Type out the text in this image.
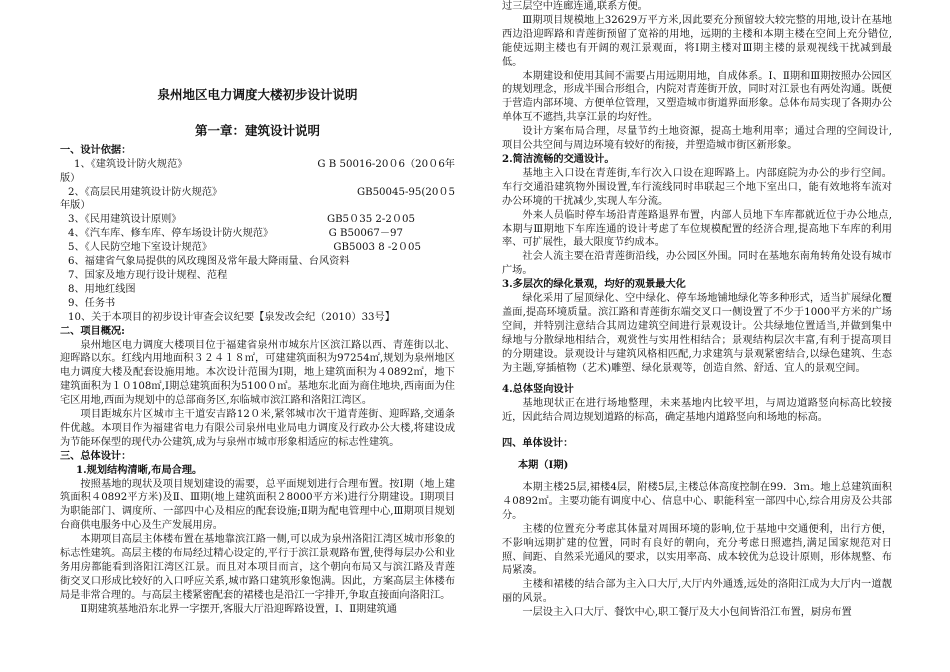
泉州地区电力调度大楼初步设计说明
第一章：建筑设计说明
一、设计依据：
1、《建筑设计防火规范》	G B 50016-20０6（20０6年
版）
2、《高层民用建筑设计防火规范》	GB50045-95(20０5
年版）
3、《民用建筑设计原则》	GB5０35 2-2０05
4、《汽车库、修车库、停车场设计防火规范》	G B50067－97
5、《人民防空地下室设计规范》	GB5003 8 -2０05
6、福建省气象局提供的风玫瑰图及常年最大降雨量、台风资料
7、国家及地方现行设计规程、范程
8、用地红线图
9、任务书
10、关于本项目的初步设计审查会议纪要【泉发改会纪（2010）33号】
二、项目概况:
泉州地区电力调度大楼项目位于福建省泉州市城东片区滨江路以西、青莲街以北、迎晖路以东。红线内用地面积３２４１８㎡，可建建筑面积为97254㎡,规划为泉州地区电力调度大楼及配套设施用地。本次设计范围为Ⅰ期，地上建筑面积为４0892㎡，地下建筑面积为１０108㎡,Ⅰ期总建筑面积为5100０㎡。基地东北面为商住地块,西南面为住宅区用地,西面为规划中的总部商务区,东临城市滨江路和洛阳江湾区。
项目距城东片区城市主干道安吉路12０米,紧邻城市次干道青莲街、迎晖路,交通条件优越。本项目作为福建省电力有限公司泉州电业局电力调度及行政办公大楼,将建设成为节能环保型的现代办公建筑,成为与泉州市城市形象相适应的标志性建筑。
三、总体设计：
1.规划结构清晰,布局合理。
按照基地的现状及项目规划建设的需要，总平面规划进行合理布置。按Ⅰ期（地上建筑面积４0892平方米)及Ⅱ、Ⅲ期(地上建筑面积２8000平方米)进行分期建设。Ⅰ期项目为职能部门、调度所、一部四中心及相应的配套设施;Ⅱ期为配电管理中心,Ⅲ期项目规划台商供电服务中心及生产发展用房。
本期项目高层主体楼布置在基地靠滨江路一侧,可以成为泉州洛阳江湾区城市形象的标志性建筑。高层主楼的布局经过精心设定的,平行于滨江景观路布置,使得每层办公和业务用房都能看到洛阳江湾区江景。而且对本项目而言，这个朝向布局又与滨江路及青莲街交叉口形成比较好的入口呼应关系,城市路口建筑形象饱满。因此，方案高层主体楼布局是非常合理的。与高层主楼紧密配套的裙楼也是沿江一字排开,争取直接面向洛阳江。
Ⅱ期建筑基地沿东北界一字摆开,客服大厅沿迎晖路设置，Ⅰ、Ⅱ期建筑通
过三层空中连廊连通,联系方便。
Ⅲ期项目规模地上32629万平方米,因此要充分预留较大较完整的用地,设计在基地西边沿迎晖路和青莲街预留了宽裕的用地，远期的主楼和本期主楼在空间上充分错位,能使远期主楼也有开阔的观江景观面，将Ⅰ期主楼对Ⅲ期主楼的景观视线干扰减到最低。
本期建设和使用其间不需要占用远期用地，自成体系。Ⅰ、Ⅱ期和Ⅲ期按照办公园区的规划理念，形成半围合形组合，内院对青莲街开放，同时对江景也有两处沟通。既便于营造内部环境、方便单位管理，又塑造城市街道界面形象。总体布局实现了各期办公单体互不遮挡,共享江景的均好性。
设计方案布局合理，尽量节约土地资源，提高土地利用率；通过合理的空间设计,项目公共空间与周边环境有较好的衔接，并塑造城市街区新形象。
2.简洁流畅的交通设计。
基地主入口设在青莲街,车行次入口设在迎晖路上。内部庭院为办公的步行空间。车行交通沿建筑物外围设置,车行流线同时串联起三个地下室出口，能有效地将车流对办公环境的干扰减少,实现人车分流。
外来人员临时停车场沿青莲路退界布置，内部人员地下车库都就近位于办公地点,本期与Ⅲ期地下车库连通的设计考虑了车位规模配置的经济合理,提高地下车库的利用率、可扩展性，最大限度节约成本。
社会人流主要在沿青莲街沿线，办公园区外围。同时在基地东南角转角处设有城市广场。
3.多层次的绿化景观，均好的观景最大化
绿化采用了屋顶绿化、空中绿化、停车场地铺地绿化等多种形式，适当扩展绿化覆盖面,提高环境质量。滨江路和青莲街东端交叉口一侧设置了不少于1000平方米的广场空间，并特别注意结合其周边建筑空间进行景观设计。公共绿地位置适当,并做到集中绿地与分散绿地相结合，观赏性与实用性相结合；景观结构层次丰富,有利于提高项目的分期建设。景观设计与建筑风格相匹配,力求建筑与景观紧密结合,以绿色建筑、生态为主题,穿插植物（艺术)雕塑、绿化景观等，创造自然、舒适、宜人的景观空间。
4.总体竖向设计
基地现状正在进行场地整理，未来基地内比较平坦，与周边道路竖向标高比较接近，因此结合周边规划道路的标高，确定基地内道路竖向和场地的标高。
四、单体设计：
本期（Ⅰ期)
本期主楼25层,裙楼4层，附楼5层,主楼总体高度控制在99．3ｍ。地上总建筑面积４0892㎡。主要功能有调度中心、信息中心、职能科室一部四中心,综合用房及公共部分。
主楼的位置充分考虑其体量对周围环境的影响,位于基地中交通便利，出行方便，不影响远期扩建的位置，同时有良好的朝向，充分考虑日照遮挡,满足国家规范对日照、间距、自然采光通风的要求，以实用率高、成本较优为总设计原则，形体规整、布局紧凑。
主楼和裙楼的结合部为主入口大厅,大厅内外通透,远处的洛阳江成为大厅内一道靓丽的风景。
一层设主入口大厅、餐饮中心,职工餐厅及大小包间皆沿江布置，厨房布置
